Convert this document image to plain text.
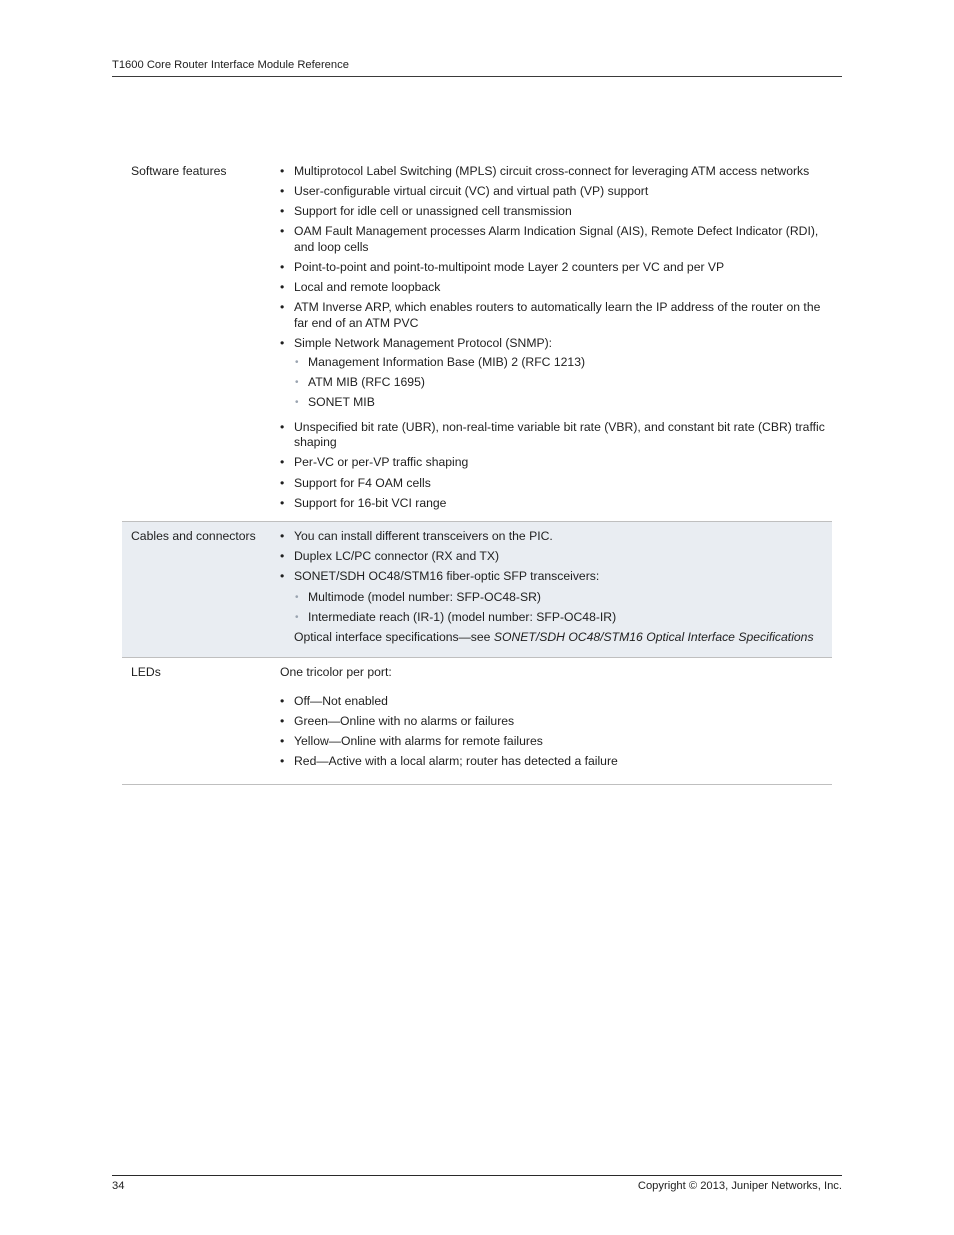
T1600 Core Router Interface Module Reference
Software features	• Multiprotocol Label Switching (MPLS) circuit cross-connect for leveraging ATM access networks
• User-configurable virtual circuit (VC) and virtual path (VP) support
• Support for idle cell or unassigned cell transmission
• OAM Fault Management processes Alarm Indication Signal (AIS), Remote Defect Indicator (RDI), and loop cells
• Point-to-point and point-to-multipoint mode Layer 2 counters per VC and per VP
• Local and remote loopback
• ATM Inverse ARP, which enables routers to automatically learn the IP address of the router on the far end of an ATM PVC
• Simple Network Management Protocol (SNMP):
• Management Information Base (MIB) 2 (RFC 1213)
• ATM MIB (RFC 1695)
• SONET MIB
• Unspecified bit rate (UBR), non-real-time variable bit rate (VBR), and constant bit rate (CBR) traffic shaping
• Per-VC or per-VP traffic shaping
• Support for F4 OAM cells
• Support for 16-bit VCI range
Cables and connectors	• You can install different transceivers on the PIC.
• Duplex LC/PC connector (RX and TX)
• SONET/SDH OC48/STM16 fiber-optic SFP transceivers:
• Multimode (model number: SFP-OC48-SR)
• Intermediate reach (IR-1) (model number: SFP-OC48-IR)
Optical interface specifications—see SONET/SDH OC48/STM16 Optical Interface Specifications
LEDs	One tricolor per port:
• Off—Not enabled
• Green—Online with no alarms or failures
• Yellow—Online with alarms for remote failures
• Red—Active with a local alarm; router has detected a failure
34	Copyright © 2013, Juniper Networks, Inc.
